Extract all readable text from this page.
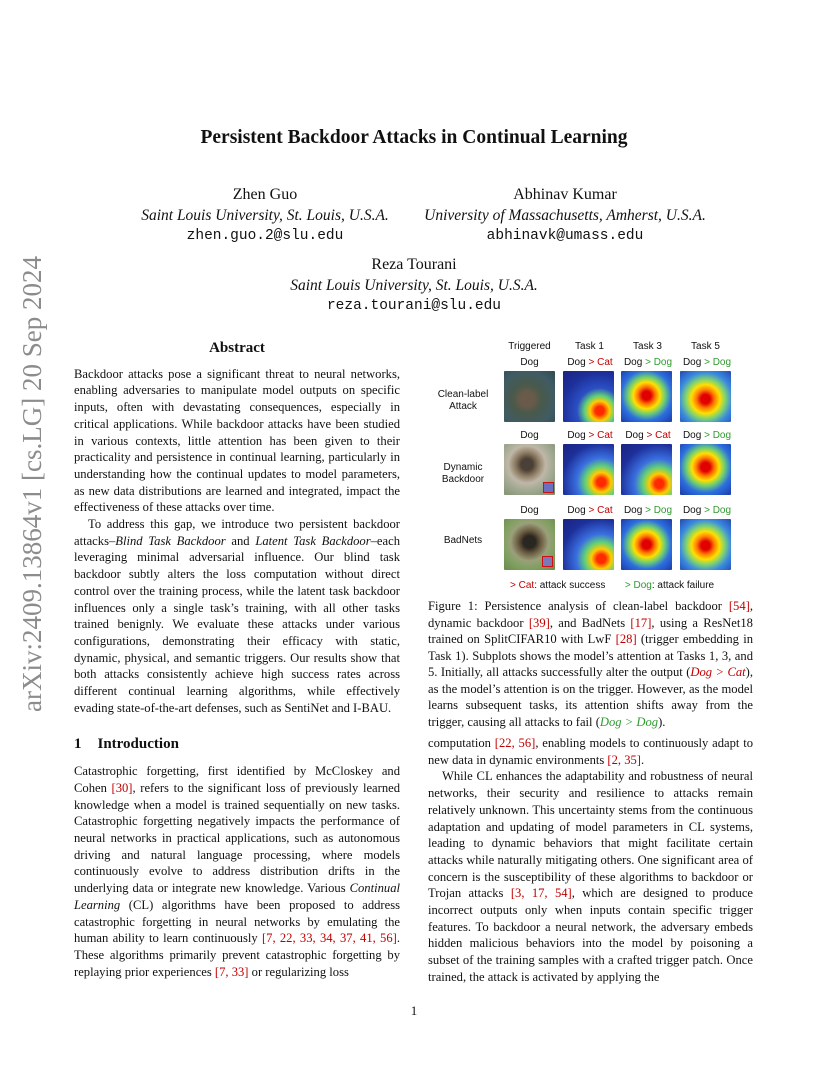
arXiv:2409.13864v1 [cs.LG] 20 Sep 2024
Persistent Backdoor Attacks in Continual Learning
Zhen Guo
Saint Louis University, St. Louis, U.S.A.
zhen.guo.2@slu.edu
Abhinav Kumar
University of Massachusetts, Amherst, U.S.A.
abhinavk@umass.edu
Reza Tourani
Saint Louis University, St. Louis, U.S.A.
reza.tourani@slu.edu
Abstract

Backdoor attacks pose a significant threat to neural networks, enabling adversaries to manipulate model outputs on specific inputs, often with devastating consequences, especially in critical applications. While backdoor attacks have been studied in various contexts, little attention has been given to their practicality and persistence in continual learning, particularly in understanding how the continual updates to model parameters, as new data distributions are learned and integrated, impact the effectiveness of these attacks over time.

To address this gap, we introduce two persistent backdoor attacks–Blind Task Backdoor and Latent Task Backdoor–each leveraging minimal adversarial influence. Our blind task backdoor subtly alters the loss computation without direct control over the training process, while the latent task backdoor influences only a single task’s training, with all other tasks trained benignly. We evaluate these attacks under various configurations, demonstrating their efficacy with static, dynamic, physical, and semantic triggers. Our results show that both attacks consistently achieve high success rates across different continual learning algorithms, while effectively evading state-of-the-art defenses, such as SentiNet and I-BAU.

1 Introduction

Catastrophic forgetting, first identified by McCloskey and Cohen [30], refers to the significant loss of previously learned knowledge when a model is trained sequentially on new tasks. Catastrophic forgetting negatively impacts the performance of neural networks in practical applications, such as autonomous driving and natural language processing, where models continuously evolve to address distribution drifts in the underlying data or integrate new knowledge. Various Continual Learning (CL) algorithms have been proposed to address catastrophic forgetting in neural networks by emulating the human ability to learn continuously [7, 22, 33, 34, 37, 41, 56]. These algorithms primarily prevent catastrophic forgetting by replaying prior experiences [7, 33] or regularizing loss

Triggered	Task 1	Task 3	Task 5
Clean-label
Attack
Dog	Dog > Cat	Dog > Dog	Dog > Dog
Dynamic
Backdoor
Dog	Dog > Cat	Dog > Cat	Dog > Dog
BadNets
Dog	Dog > Cat	Dog > Dog	Dog > Dog
> Cat: attack success > Dog: attack failure
Figure 1: Persistence analysis of clean-label backdoor [54], dynamic backdoor [39], and BadNets [17], using a ResNet18 trained on SplitCIFAR10 with LwF [28] (trigger embedding in Task 1). Subplots shows the model’s attention at Tasks 1, 3, and 5. Initially, all attacks successfully alter the output (Dog > Cat), as the model’s attention is on the trigger. However, as the model learns subsequent tasks, its attention shifts away from the trigger, causing all attacks to fail (Dog > Dog).

computation [22, 56], enabling models to continuously adapt to new data in dynamic environments [2, 35].

While CL enhances the adaptability and robustness of neural networks, their security and resilience to attacks remain relatively unknown. This uncertainty stems from the continuous adaptation and updating of model parameters in CL systems, leading to dynamic behaviors that might facilitate certain attacks while naturally mitigating others. One significant area of concern is the susceptibility of these algorithms to backdoor or Trojan attacks [3, 17, 54], which are designed to produce incorrect outputs only when inputs contain specific trigger features. To backdoor a neural network, the adversary embeds hidden malicious behaviors into the model by poisoning a subset of the training samples with a crafted trigger patch. Once trained, the attack is activated by applying the

1
